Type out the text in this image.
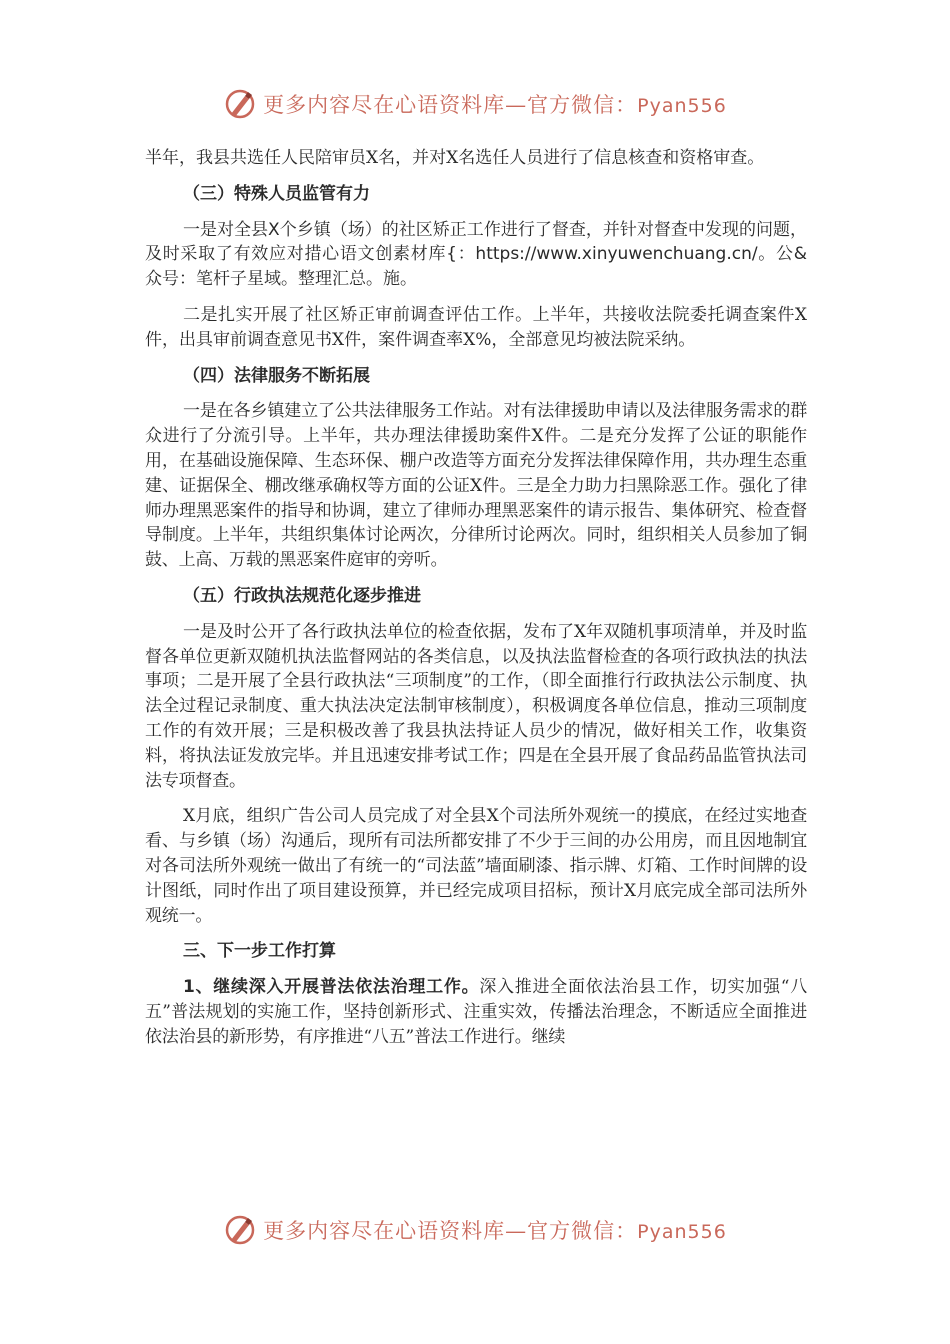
更多内容尽在心语资料库—官方微信：Pyan556

半年，我县共选任人民陪审员X名，并对X名选任人员进行了信息核查和资格审查。

（三）特殊人员监管有力

一是对全县X个乡镇（场）的社区矫正工作进行了督查，并针对督查中发现的问题，及时采取了有效应对措心语文创素材库{：https://www.xinyuwenchuang.cn/。公&众号：笔杆子星域。整理汇总。施。

二是扎实开展了社区矫正审前调查评估工作。上半年，共接收法院委托调查案件X件，出具审前调查意见书X件，案件调查率X%，全部意见均被法院采纳。

（四）法律服务不断拓展

一是在各乡镇建立了公共法律服务工作站。对有法律援助申请以及法律服务需求的群众进行了分流引导。上半年，共办理法律援助案件X件。二是充分发挥了公证的职能作用，在基础设施保障、生态环保、棚户改造等方面充分发挥法律保障作用，共办理生态重建、证据保全、棚改继承确权等方面的公证X件。三是全力助力扫黑除恶工作。强化了律师办理黑恶案件的指导和协调，建立了律师办理黑恶案件的请示报告、集体研究、检查督导制度。上半年，共组织集体讨论两次，分律所讨论两次。同时，组织相关人员参加了铜鼓、上高、万载的黑恶案件庭审的旁听。

（五）行政执法规范化逐步推进

一是及时公开了各行政执法单位的检查依据，发布了X年双随机事项清单，并及时监督各单位更新双随机执法监督网站的各类信息，以及执法监督检查的各项行政执法的执法事项；二是开展了全县行政执法“三项制度”的工作，（即全面推行行政执法公示制度、执法全过程记录制度、重大执法决定法制审核制度），积极调度各单位信息，推动三项制度工作的有效开展；三是积极改善了我县执法持证人员少的情况，做好相关工作，收集资料，将执法证发放完毕。并且迅速安排考试工作；四是在全县开展了食品药品监管执法司法专项督查。

X月底，组织广告公司人员完成了对全县X个司法所外观统一的摸底，在经过实地查看、与乡镇（场）沟通后，现所有司法所都安排了不少于三间的办公用房，而且因地制宜对各司法所外观统一做出了有统一的“司法蓝”墙面刷漆、指示牌、灯箱、工作时间牌的设计图纸，同时作出了项目建设预算，并已经完成项目招标，预计X月底完成全部司法所外观统一。

三、下一步工作打算

1、继续深入开展普法依法治理工作。深入推进全面依法治县工作，切实加强“八五”普法规划的实施工作，坚持创新形式、注重实效，传播法治理念，不断适应全面推进依法治县的新形势，有序推进“八五”普法工作进行。继续

更多内容尽在心语资料库—官方微信：Pyan556
